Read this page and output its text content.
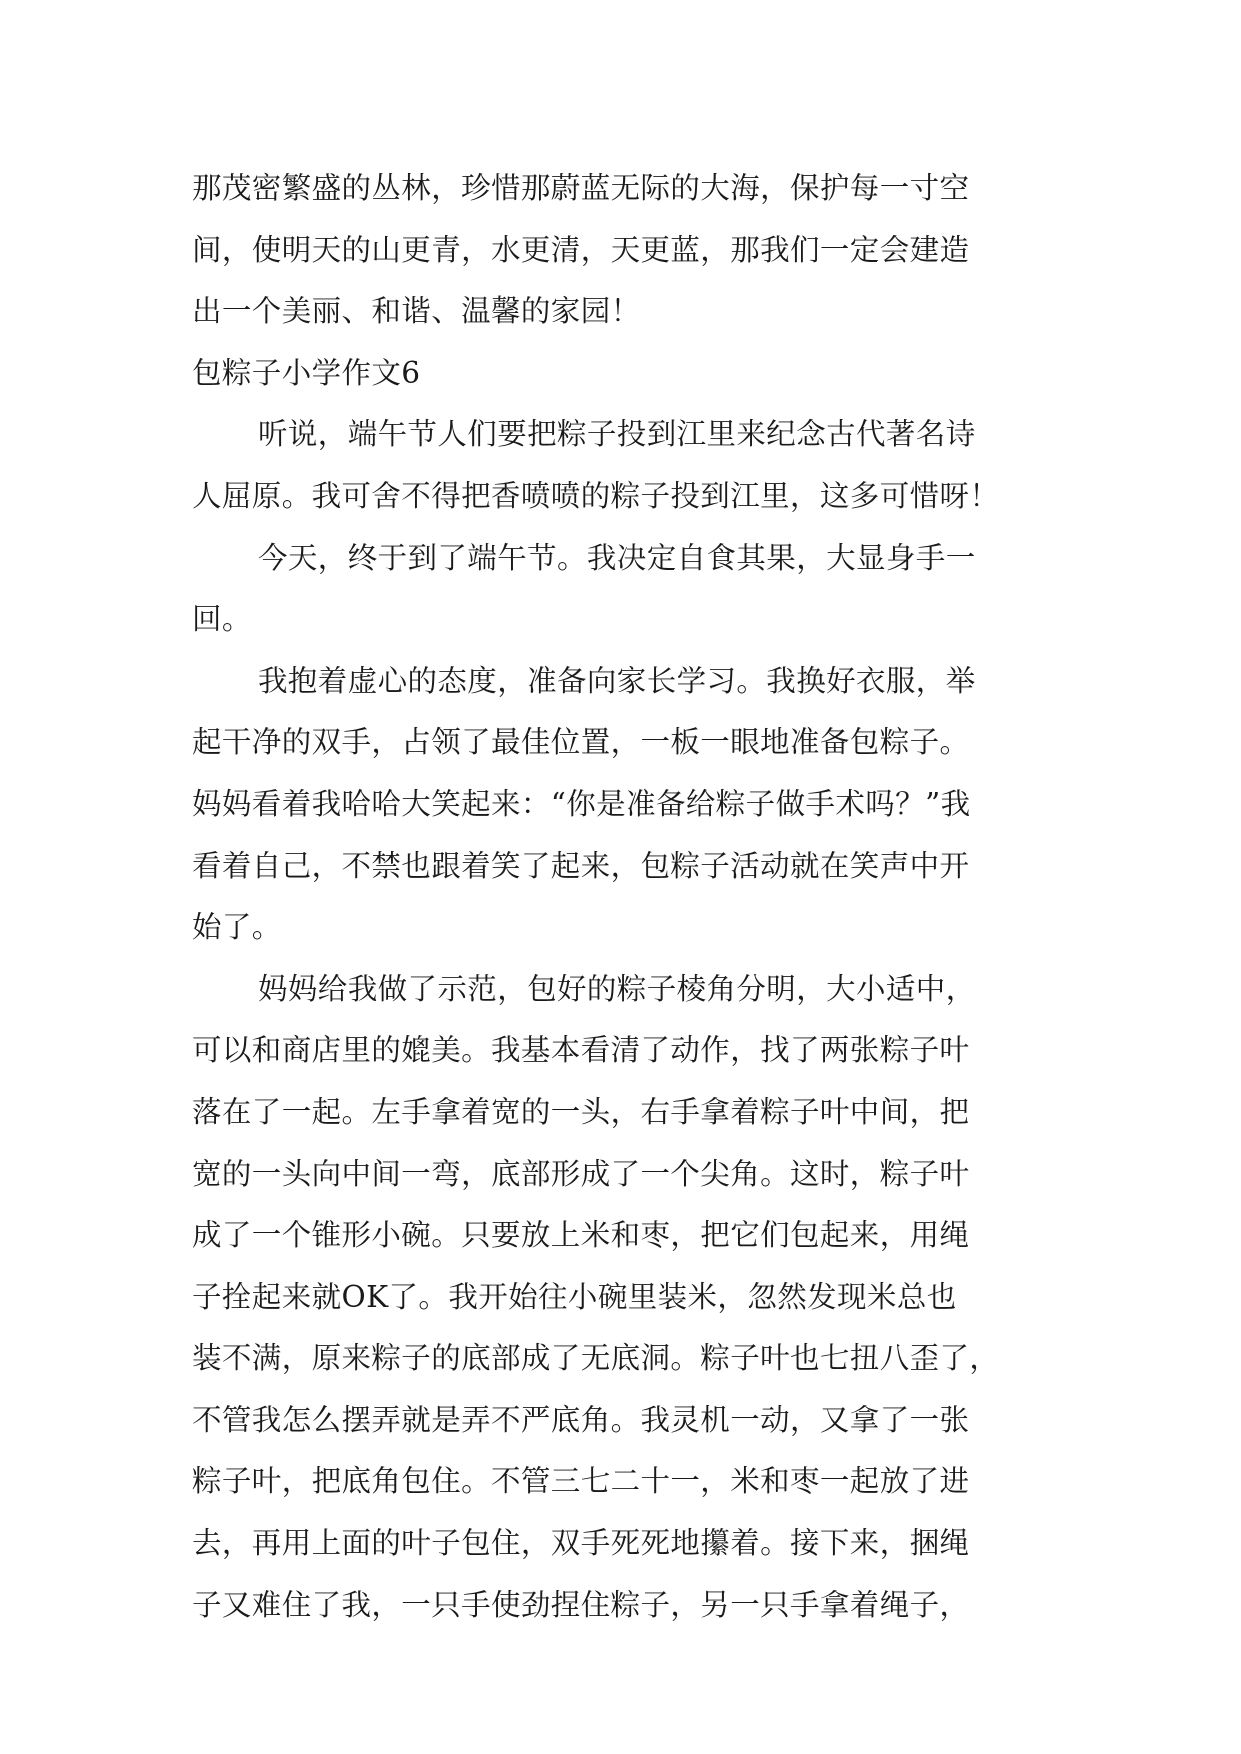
那茂密繁盛的丛林，珍惜那蔚蓝无际的大海，保护每一寸空
间，使明天的山更青，水更清，天更蓝，那我们一定会建造
出一个美丽、和谐、温馨的家园！
包粽子小学作文6
听说，端午节人们要把粽子投到江里来纪念古代著名诗
人屈原。我可舍不得把香喷喷的粽子投到江里，这多可惜呀！
今天，终于到了端午节。我决定自食其果，大显身手一
回。
我抱着虚心的态度，准备向家长学习。我换好衣服，举
起干净的双手，占领了最佳位置，一板一眼地准备包粽子。
妈妈看着我哈哈大笑起来：“你是准备给粽子做手术吗？”我
看着自己，不禁也跟着笑了起来，包粽子活动就在笑声中开
始了。
妈妈给我做了示范，包好的粽子棱角分明，大小适中，
可以和商店里的媲美。我基本看清了动作，找了两张粽子叶
落在了一起。左手拿着宽的一头，右手拿着粽子叶中间，把
宽的一头向中间一弯，底部形成了一个尖角。这时，粽子叶
成了一个锥形小碗。只要放上米和枣，把它们包起来，用绳
子拴起来就OK了。我开始往小碗里装米，忽然发现米总也
装不满，原来粽子的底部成了无底洞。粽子叶也七扭八歪了，
不管我怎么摆弄就是弄不严底角。我灵机一动，又拿了一张
粽子叶，把底角包住。不管三七二十一，米和枣一起放了进
去，再用上面的叶子包住，双手死死地攥着。接下来，捆绳
子又难住了我，一只手使劲捏住粽子，另一只手拿着绳子，
